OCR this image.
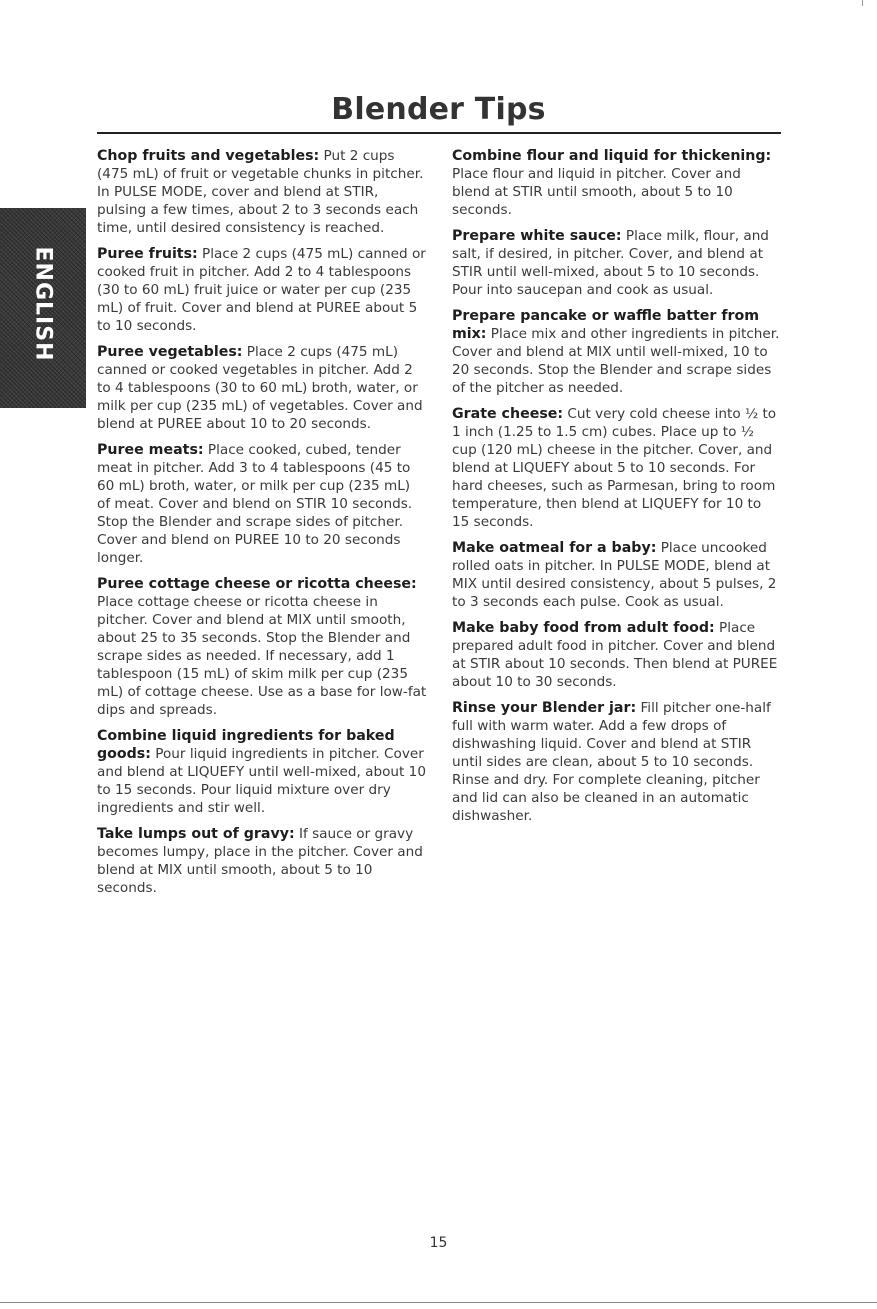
Blender Tips
ENGLISH

Chop fruits and vegetables: Put 2 cups (475 mL) of fruit or vegetable chunks in pitcher. In PULSE MODE, cover and blend at STIR, pulsing a few times, about 2 to 3 seconds each time, until desired consistency is reached.

Puree fruits: Place 2 cups (475 mL) canned or cooked fruit in pitcher. Add 2 to 4 tablespoons (30 to 60 mL) fruit juice or water per cup (235 mL) of fruit. Cover and blend at PUREE about 5 to 10 seconds.

Puree vegetables: Place 2 cups (475 mL) canned or cooked vegetables in pitcher. Add 2 to 4 tablespoons (30 to 60 mL) broth, water, or milk per cup (235 mL) of vegetables. Cover and blend at PUREE about 10 to 20 seconds.

Puree meats: Place cooked, cubed, tender meat in pitcher. Add 3 to 4 tablespoons (45 to 60 mL) broth, water, or milk per cup (235 mL) of meat. Cover and blend on STIR 10 seconds. Stop the Blender and scrape sides of pitcher. Cover and blend on PUREE 10 to 20 seconds longer.

Puree cottage cheese or ricotta cheese: Place cottage cheese or ricotta cheese in pitcher. Cover and blend at MIX until smooth, about 25 to 35 seconds. Stop the Blender and scrape sides as needed. If necessary, add 1 tablespoon (15 mL) of skim milk per cup (235 mL) of cottage cheese. Use as a base for low-fat dips and spreads.

Combine liquid ingredients for baked goods: Pour liquid ingredients in pitcher. Cover and blend at LIQUEFY until well-mixed, about 10 to 15 seconds. Pour liquid mixture over dry ingredients and stir well.

Take lumps out of gravy: If sauce or gravy becomes lumpy, place in the pitcher. Cover and blend at MIX until smooth, about 5 to 10 seconds.

Combine flour and liquid for thickening: Place flour and liquid in pitcher. Cover and blend at STIR until smooth, about 5 to 10 seconds.

Prepare white sauce: Place milk, flour, and salt, if desired, in pitcher. Cover, and blend at STIR until well-mixed, about 5 to 10 seconds. Pour into saucepan and cook as usual.

Prepare pancake or waffle batter from mix: Place mix and other ingredients in pitcher. Cover and blend at MIX until well-mixed, 10 to 20 seconds. Stop the Blender and scrape sides of the pitcher as needed.

Grate cheese: Cut very cold cheese into ½ to 1 inch (1.25 to 1.5 cm) cubes. Place up to ½ cup (120 mL) cheese in the pitcher. Cover, and blend at LIQUEFY about 5 to 10 seconds. For hard cheeses, such as Parmesan, bring to room temperature, then blend at LIQUEFY for 10 to 15 seconds.

Make oatmeal for a baby: Place uncooked rolled oats in pitcher. In PULSE MODE, blend at MIX until desired consistency, about 5 pulses, 2 to 3 seconds each pulse. Cook as usual.

Make baby food from adult food: Place prepared adult food in pitcher. Cover and blend at STIR about 10 seconds. Then blend at PUREE about 10 to 30 seconds.

Rinse your Blender jar: Fill pitcher one-half full with warm water. Add a few drops of dishwashing liquid. Cover and blend at STIR until sides are clean, about 5 to 10 seconds. Rinse and dry. For complete cleaning, pitcher and lid can also be cleaned in an automatic dishwasher.

15
